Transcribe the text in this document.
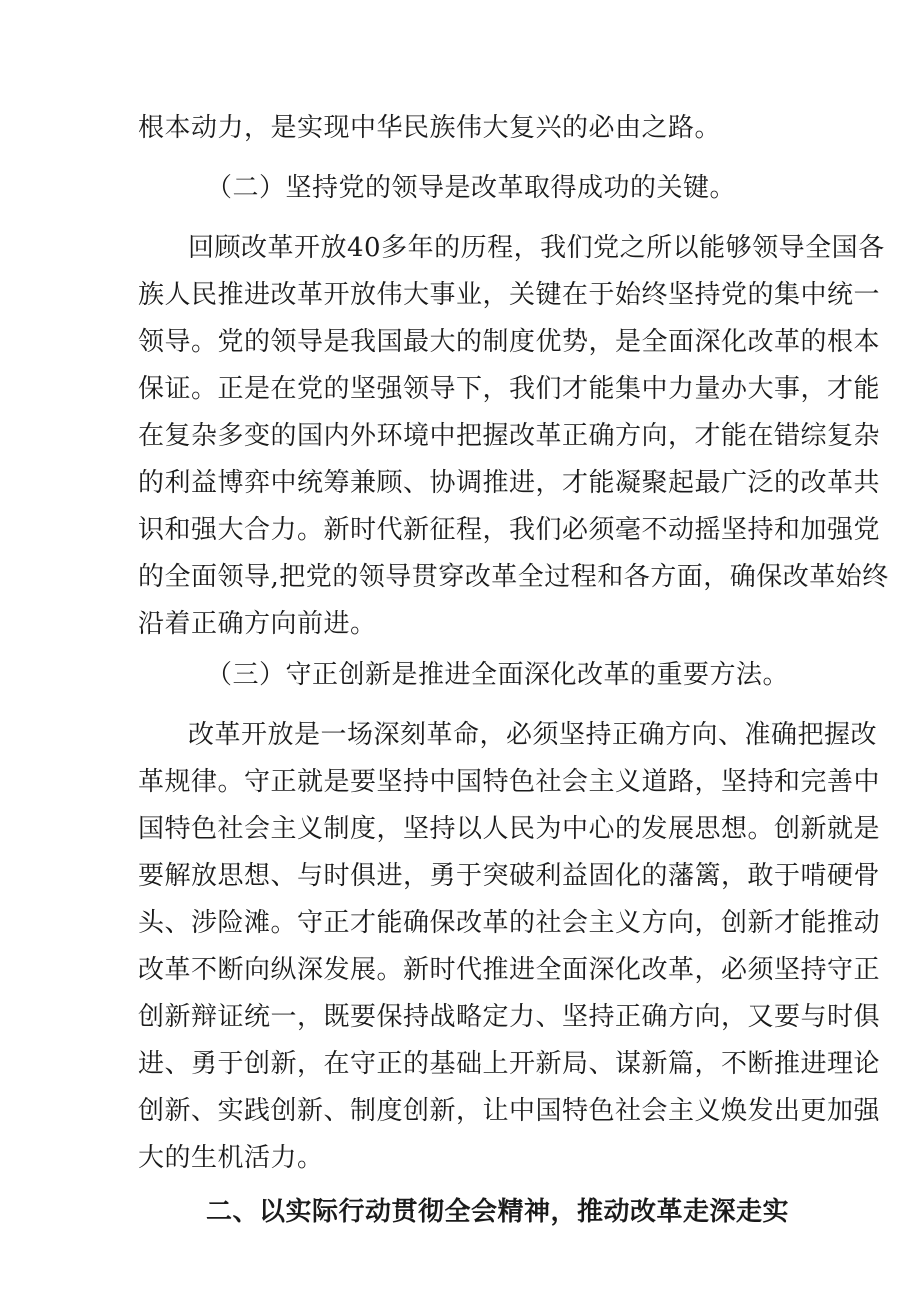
根本动力，是实现中华民族伟大复兴的必由之路。
（二）坚持党的领导是改革取得成功的关键。
回顾改革开放40多年的历程，我们党之所以能够领导全国各
族人民推进改革开放伟大事业，关键在于始终坚持党的集中统一
领导。党的领导是我国最大的制度优势，是全面深化改革的根本
保证。正是在党的坚强领导下，我们才能集中力量办大事，才能
在复杂多变的国内外环境中把握改革正确方向，才能在错综复杂
的利益博弈中统筹兼顾、协调推进，才能凝聚起最广泛的改革共
识和强大合力。新时代新征程，我们必须毫不动摇坚持和加强党
的全面领导,把党的领导贯穿改革全过程和各方面，确保改革始终
沿着正确方向前进。
（三）守正创新是推进全面深化改革的重要方法。
改革开放是一场深刻革命，必须坚持正确方向、准确把握改
革规律。守正就是要坚持中国特色社会主义道路，坚持和完善中
国特色社会主义制度，坚持以人民为中心的发展思想。创新就是
要解放思想、与时俱进，勇于突破利益固化的藩篱，敢于啃硬骨
头、涉险滩。守正才能确保改革的社会主义方向，创新才能推动
改革不断向纵深发展。新时代推进全面深化改革，必须坚持守正
创新辩证统一，既要保持战略定力、坚持正确方向，又要与时俱
进、勇于创新，在守正的基础上开新局、谋新篇，不断推进理论
创新、实践创新、制度创新，让中国特色社会主义焕发出更加强
大的生机活力。
二、以实际行动贯彻全会精神，推动改革走深走实
